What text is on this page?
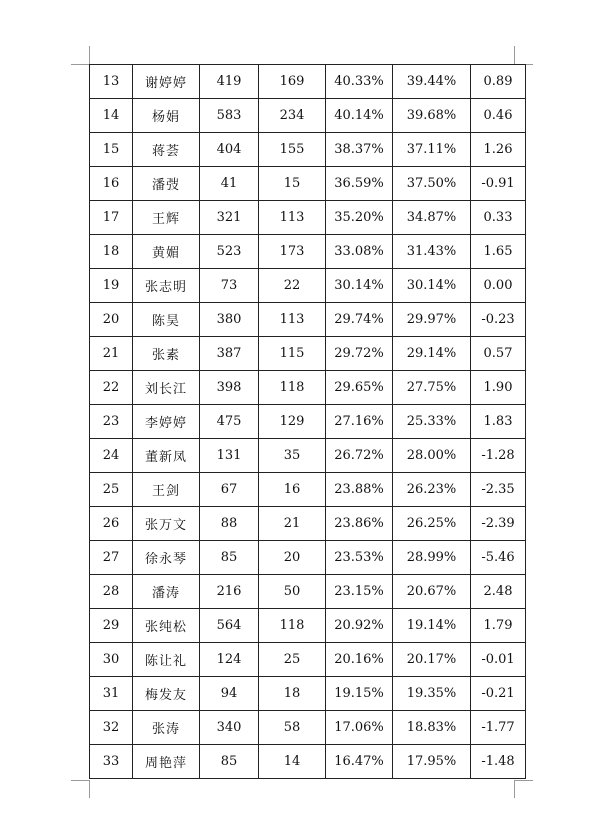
13	谢婷婷	419	169	40.33%	39.44%	0.89
14	杨娟	583	234	40.14%	39.68%	0.46
15	蒋荟	404	155	38.37%	37.11%	1.26
16	潘弢	41	15	36.59%	37.50%	-0.91
17	王辉	321	113	35.20%	34.87%	0.33
18	黄媚	523	173	33.08%	31.43%	1.65
19	张志明	73	22	30.14%	30.14%	0.00
20	陈昊	380	113	29.74%	29.97%	-0.23
21	张素	387	115	29.72%	29.14%	0.57
22	刘长江	398	118	29.65%	27.75%	1.90
23	李婷婷	475	129	27.16%	25.33%	1.83
24	董新凤	131	35	26.72%	28.00%	-1.28
25	王剑	67	16	23.88%	26.23%	-2.35
26	张万文	88	21	23.86%	26.25%	-2.39
27	徐永琴	85	20	23.53%	28.99%	-5.46
28	潘涛	216	50	23.15%	20.67%	2.48
29	张纯松	564	118	20.92%	19.14%	1.79
30	陈让礼	124	25	20.16%	20.17%	-0.01
31	梅发友	94	18	19.15%	19.35%	-0.21
32	张涛	340	58	17.06%	18.83%	-1.77
33	周艳萍	85	14	16.47%	17.95%	-1.48
